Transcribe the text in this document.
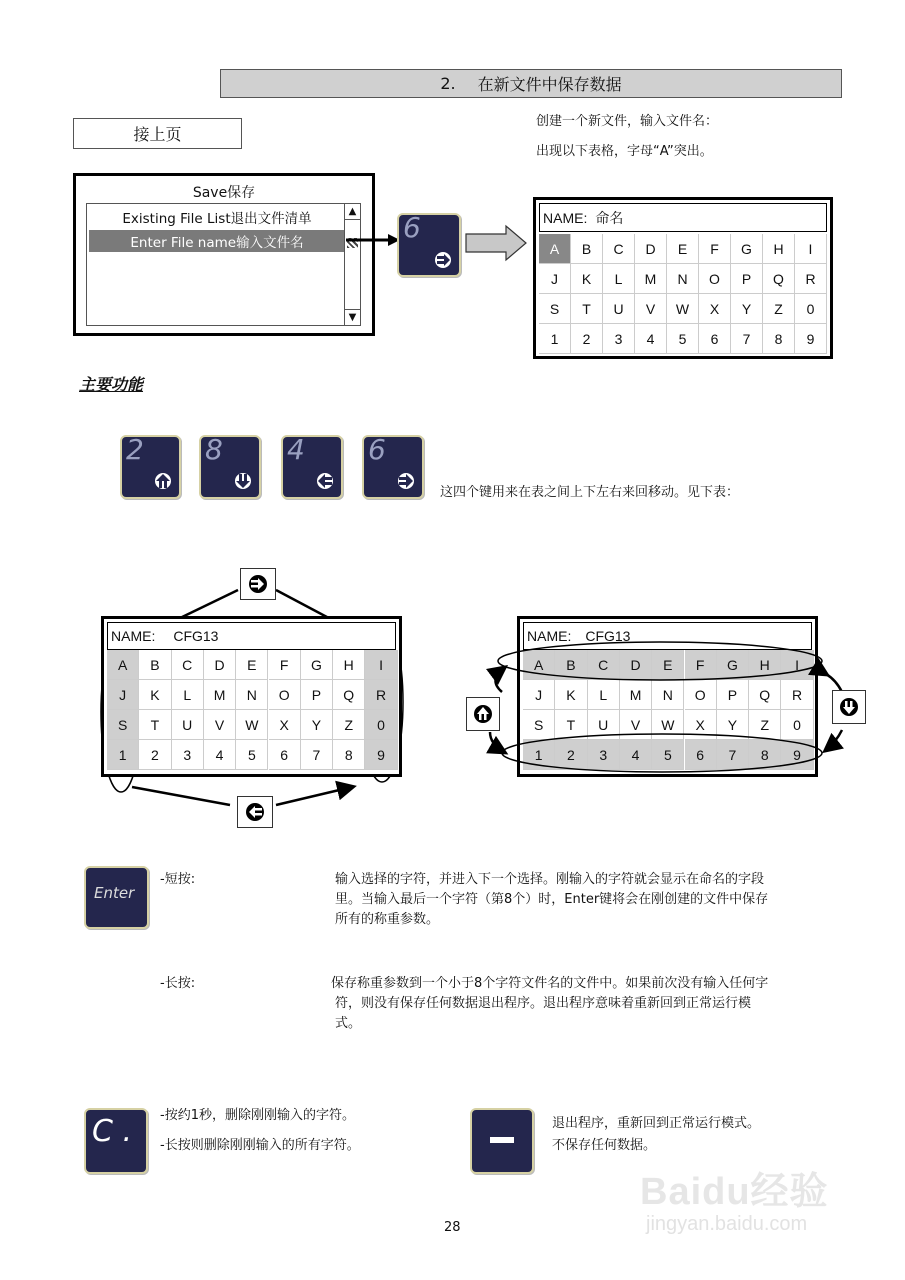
2. 在新文件中保存数据
接上页
创建一个新文件，输入文件名：
出现以下表格，字母“A”突出。
Save保存
Existing File List退出文件清单
Enter File name输入文件名
▲
▼
6	NAME: 命名
A	B	C	D	E	F	G	H	I
J	K	L	M	N	O	P	Q	R
S	T	U	V	W	X	Y	Z	0
1	2	3	4	5	6	7	8	9
主要功能
2 8 4 6
这四个键用来在表之间上下左右来回移动。见下表：
NAME: CFG13
A	B	C	D	E	F	G	H	I
J	K	L	M	N	O	P	Q	R
S	T	U	V	W	X	Y	Z	0
1	2	3	4	5	6	7	8	9
NAME: CFG13
A	B	C	D	E	F	G	H	I
J	K	L	M	N	O	P	Q	R
S	T	U	V	W	X	Y	Z	0
1	2	3	4	5	6	7	8	9
Enter
-短按:	输入选择的字符，并进入下一个选择。刚输入的字符就会显示在命名的字段
里。当输入最后一个字符（第8个）时，Enter键将会在刚创建的文件中保存
所有的称重参数。
-长按:	保存称重参数到一个小于8个字符文件名的文件中。如果前次没有输入任何字
符，则没有保存任何数据退出程序。退出程序意味着重新回到正常运行模
式。
C . -按约1秒，删除刚刚输入的字符。
-长按则删除刚刚输入的所有字符。
退出程序，重新回到正常运行模式。
不保存任何数据。
Baidu经验
jingyan.baidu.com
28
